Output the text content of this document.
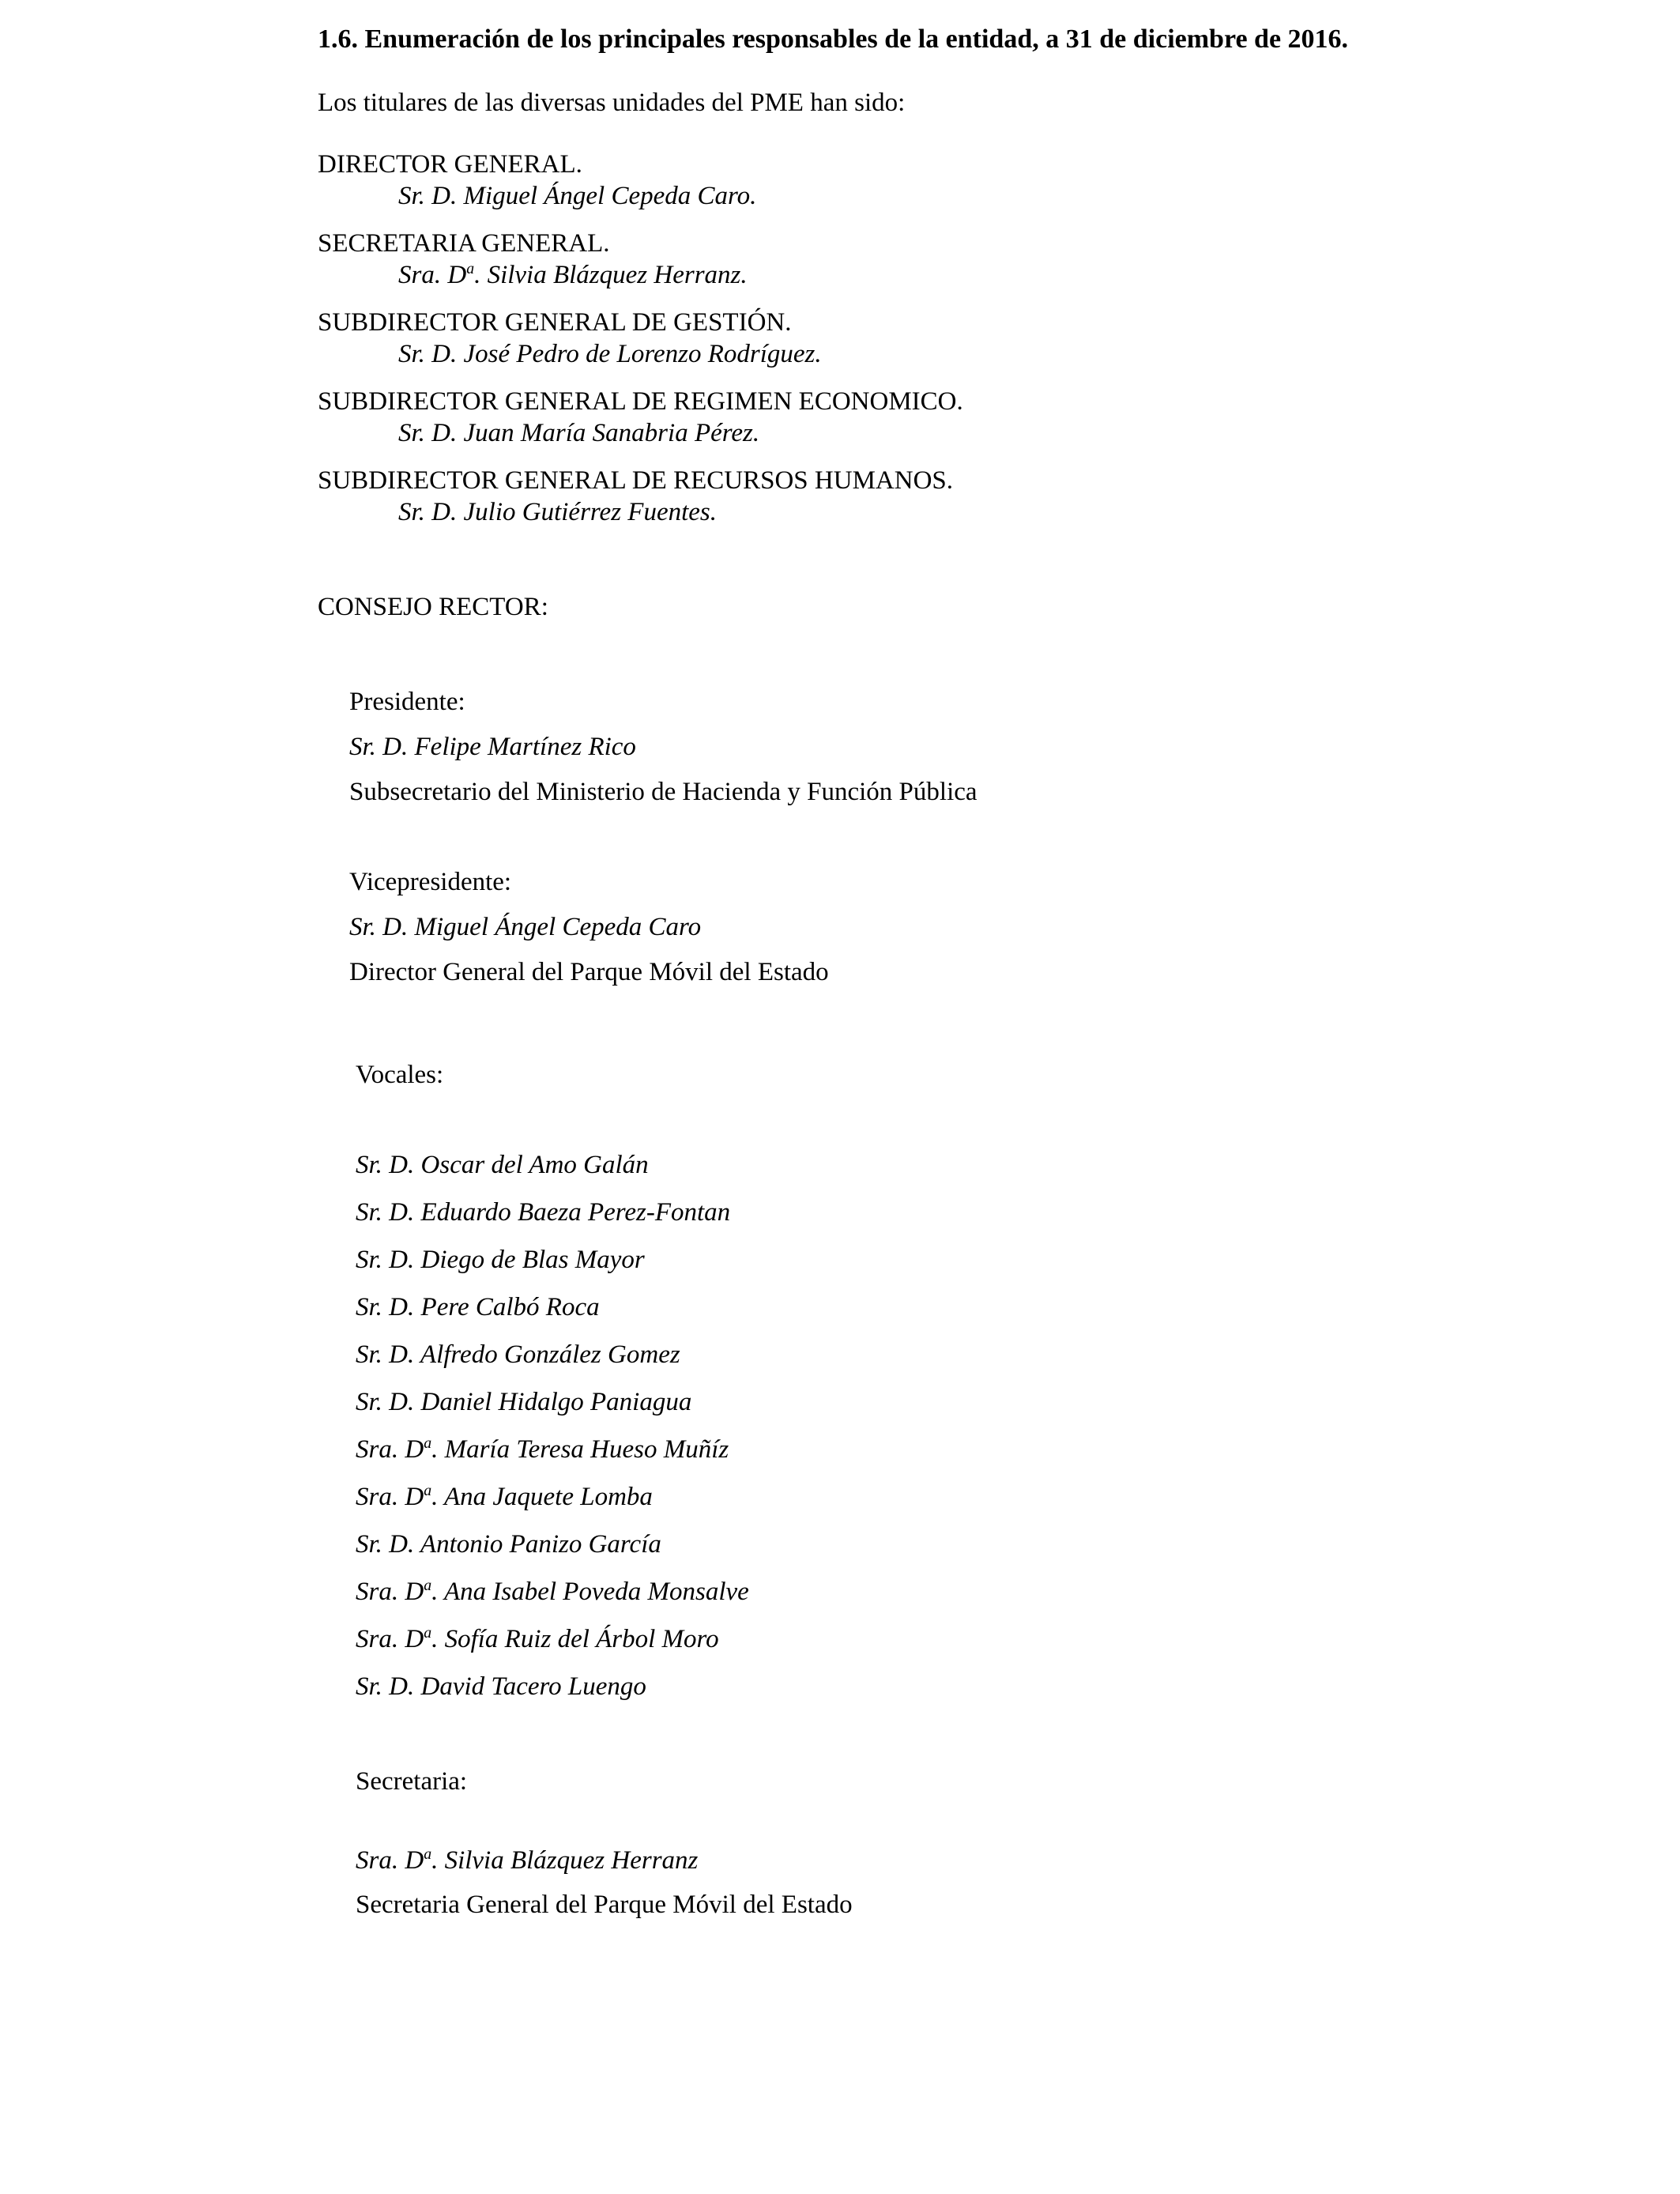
1.6. Enumeración de los principales responsables de la entidad, a 31 de diciembre de 2016.

Los titulares de las diversas unidades del PME han sido:

DIRECTOR GENERAL.

Sr. D. Miguel Ángel Cepeda Caro.

SECRETARIA GENERAL.

Sra. $D^a$. Silvia Blázquez Herranz.

SUBDIRECTOR GENERAL DE GESTIÓN.

Sr. D. José Pedro de Lorenzo Rodríguez.

SUBDIRECTOR GENERAL DE REGIMEN ECONOMICO.

Sr. D. Juan María Sanabria Pérez.

SUBDIRECTOR GENERAL DE RECURSOS HUMANOS.

Sr. D. Julio Gutiérrez Fuentes.

CONSEJO RECTOR:

Presidente:

Sr. D. Felipe Martínez Rico

Subsecretario del Ministerio de Hacienda y Función Pública

Vicepresidente:

Sr. D. Miguel Ángel Cepeda Caro

Director General del Parque Móvil del Estado

Vocales:

Sr. D. Oscar del Amo Galán

Sr. D. Eduardo Baeza Perez-Fontan

Sr. D. Diego de Blas Mayor

Sr. D. Pere Calbó Roca

Sr. D. Alfredo González Gomez

Sr. D. Daniel Hidalgo Paniagua

Sra. $D^a$. María Teresa Hueso Muñíz

Sra. $D^a$. Ana Jaquete Lomba

Sr. D. Antonio Panizo García

Sra. $D^a$. Ana Isabel Poveda Monsalve

Sra. $D^a$. Sofía Ruiz del Árbol Moro

Sr. D. David Tacero Luengo

Secretaria:

Sra. $D^a$. Silvia Blázquez Herranz

Secretaria General del Parque Móvil del Estado
